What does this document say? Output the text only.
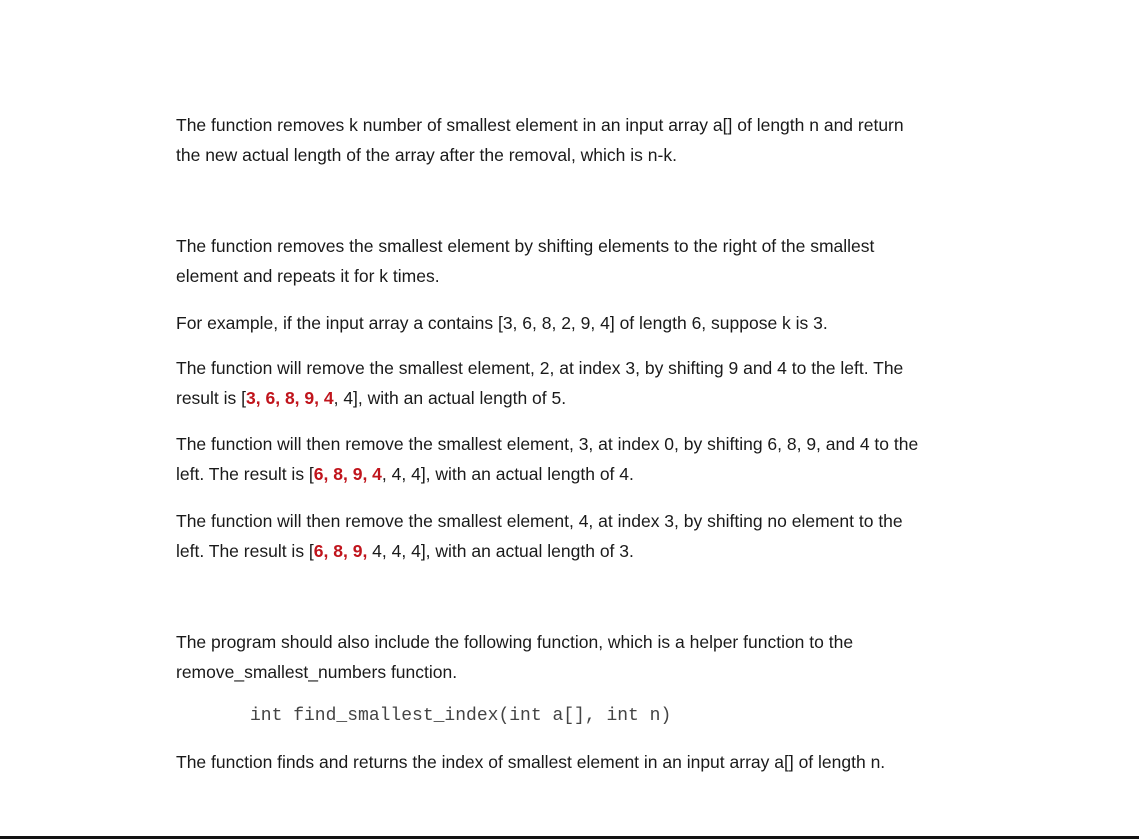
The function removes k number of smallest element in an input array a[] of length n and return
the new actual length of the array after the removal, which is n-k.

The function removes the smallest element by shifting elements to the right of the smallest
element and repeats it for k times.

For example, if the input array a contains [3, 6, 8, 2, 9, 4] of length 6, suppose k is 3.

The function will remove the smallest element, 2, at index 3, by shifting 9 and 4 to the left. The
result is [3, 6, 8, 9, 4, 4], with an actual length of 5.

The function will then remove the smallest element, 3, at index 0, by shifting 6, 8, 9, and 4 to the
left. The result is [6, 8, 9, 4, 4, 4], with an actual length of 4.

The function will then remove the smallest element, 4, at index 3, by shifting no element to the
left. The result is [6, 8, 9, 4, 4, 4], with an actual length of 3.

The program should also include the following function, which is a helper function to the
remove_smallest_numbers function.

int find_smallest_index(int a[], int n)

The function finds and returns the index of smallest element in an input array a[] of length n.
